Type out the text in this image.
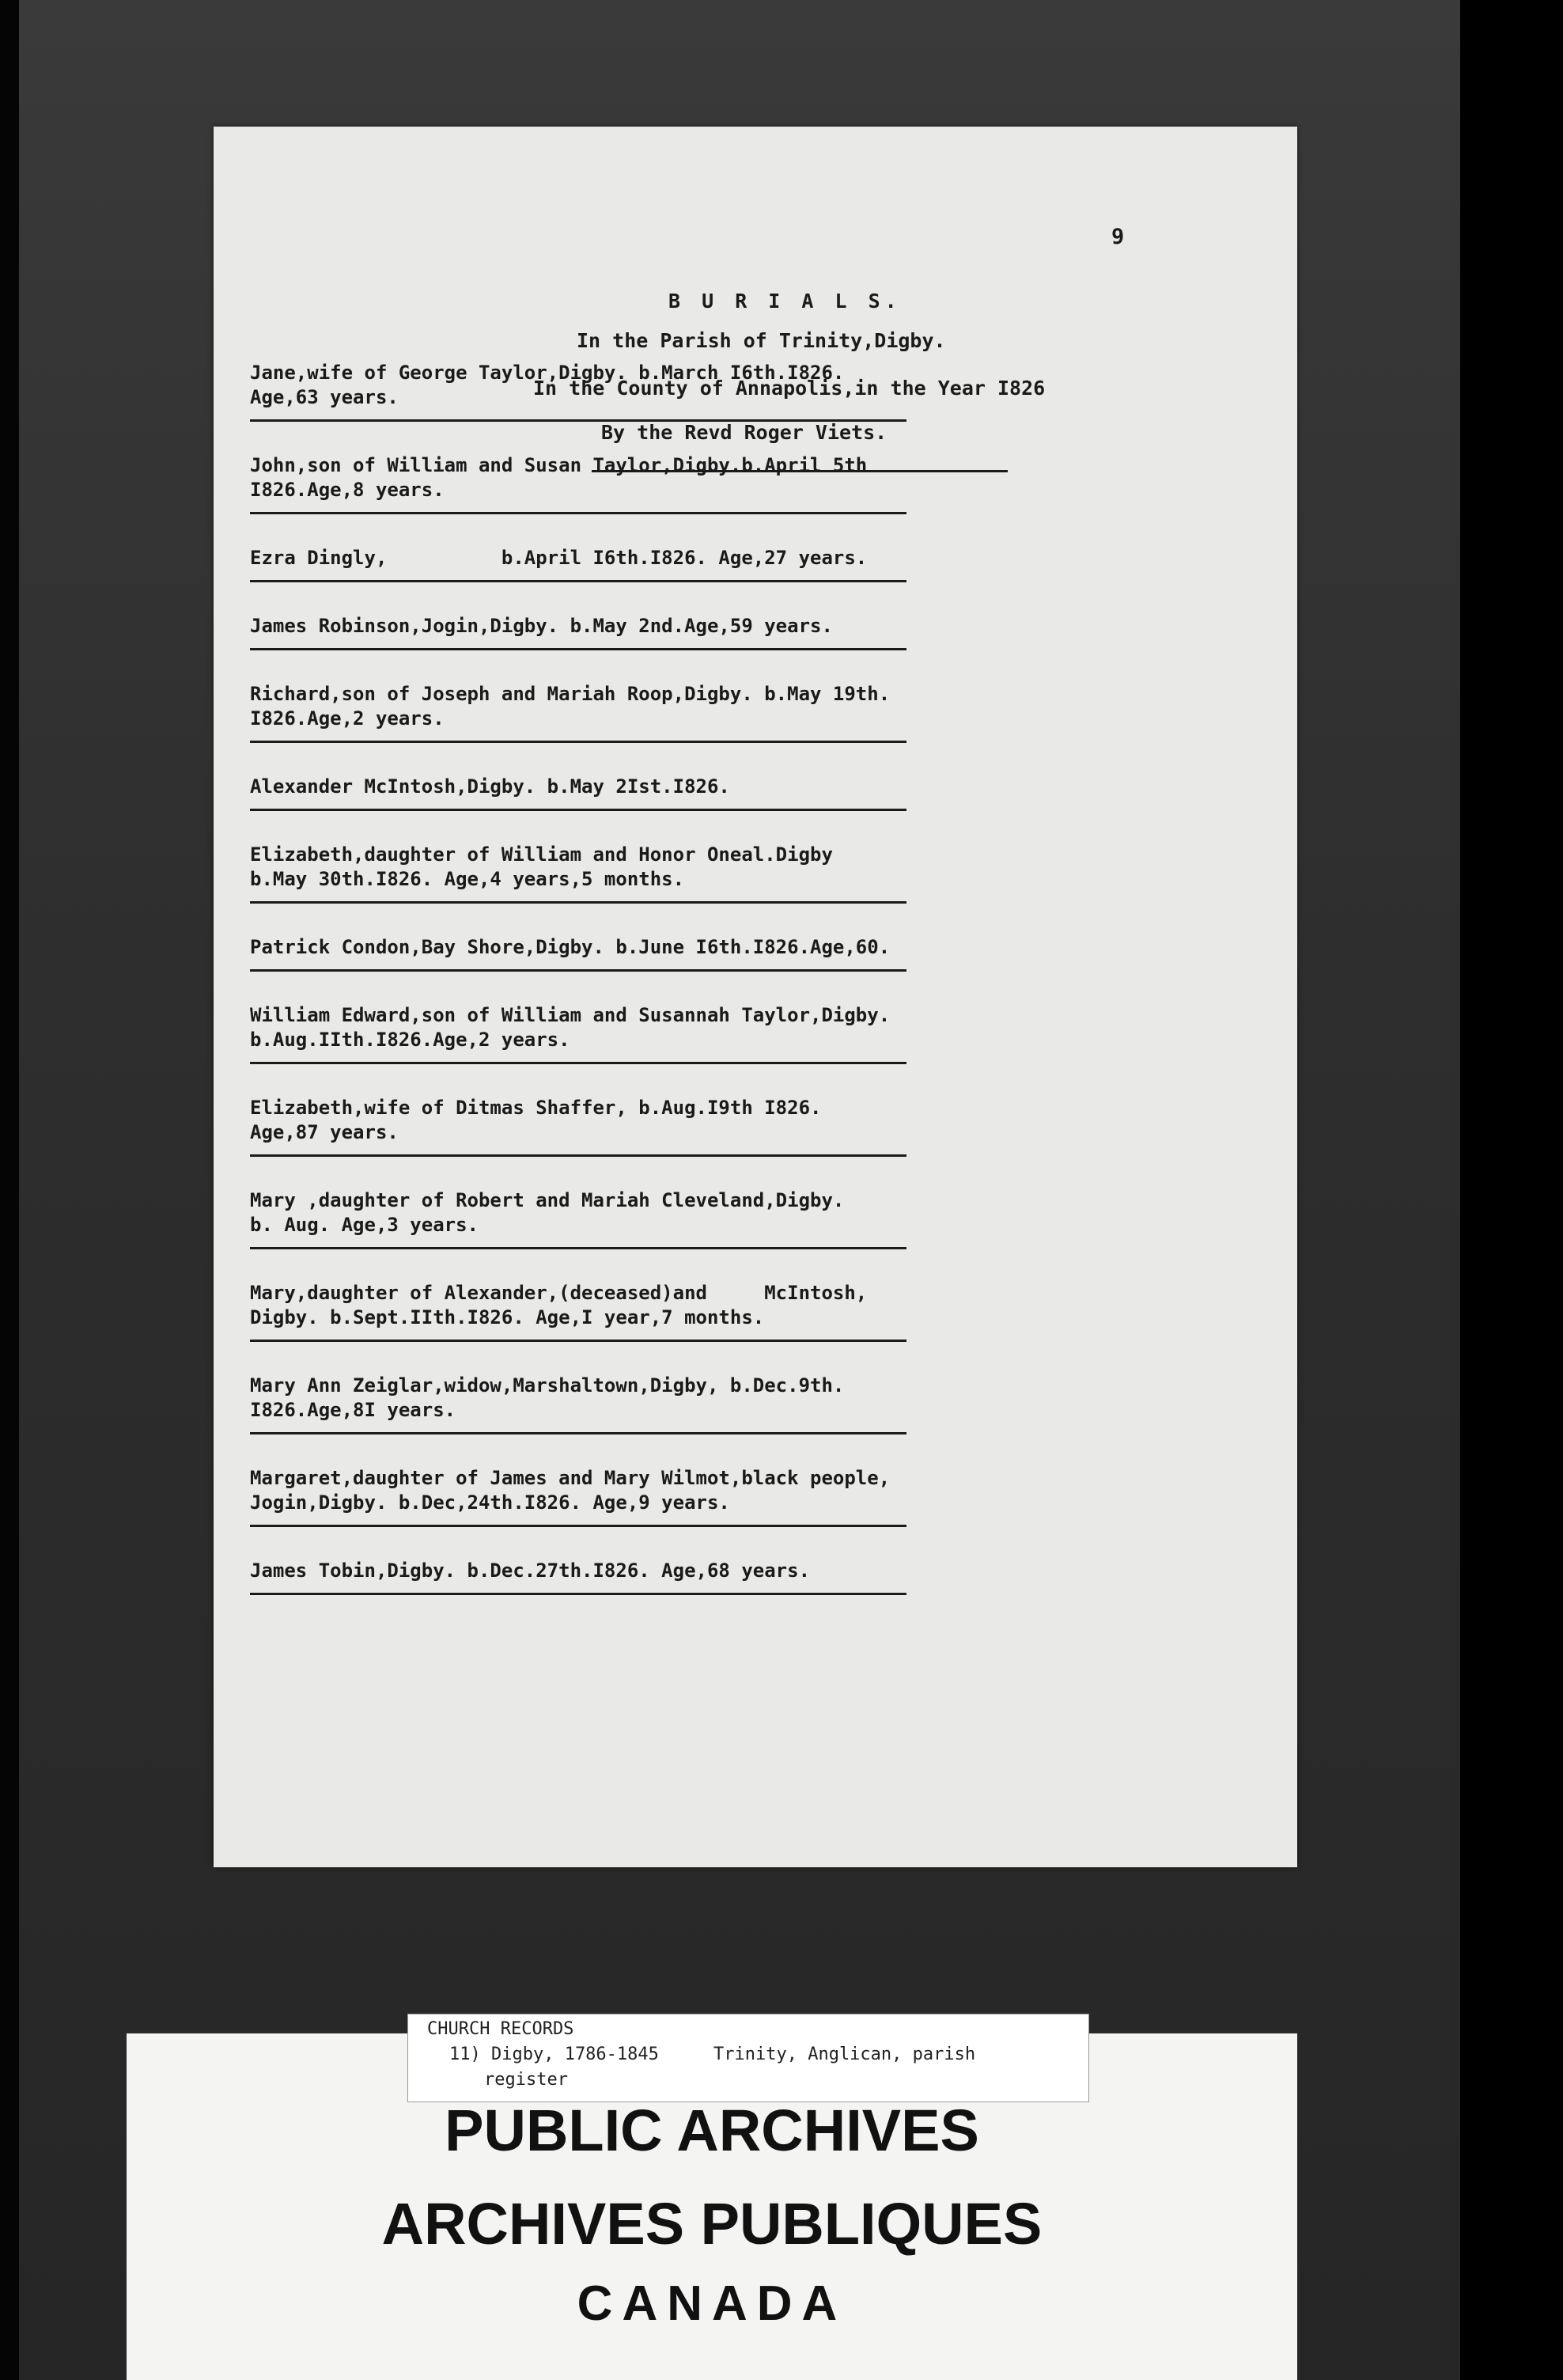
9
B U R I A L S.
In the Parish of Trinity,Digby.
In the County of Annapolis,in the Year I826
By the Revd Roger Viets.
Jane,wife of George Taylor,Digby. b.March I6th.I826.
Age,63 years.
John,son of William and Susan Taylor,Digby.b.April 5th
I826.Age,8 years.
Ezra Dingly,          b.April I6th.I826. Age,27 years.
James Robinson,Jogin,Digby. b.May 2nd.Age,59 years.
Richard,son of Joseph and Mariah Roop,Digby. b.May 19th.
I826.Age,2 years.
Alexander McIntosh,Digby. b.May 2Ist.I826.
Elizabeth,daughter of William and Honor Oneal.Digby
b.May 30th.I826. Age,4 years,5 months.
Patrick Condon,Bay Shore,Digby. b.June I6th.I826.Age,60.
William Edward,son of William and Susannah Taylor,Digby.
b.Aug.IIth.I826.Age,2 years.
Elizabeth,wife of Ditmas Shaffer, b.Aug.I9th I826.
Age,87 years.
Mary ,daughter of Robert and Mariah Cleveland,Digby.
b. Aug. Age,3 years.
Mary,daughter of Alexander,(deceased)and     McIntosh,
Digby. b.Sept.IIth.I826. Age,I year,7 months.
Mary Ann Zeiglar,widow,Marshaltown,Digby, b.Dec.9th.
I826.Age,8I years.
Margaret,daughter of James and Mary Wilmot,black people,
Jogin,Digby. b.Dec,24th.I826. Age,9 years.
James Tobin,Digby. b.Dec.27th.I826. Age,68 years.

CHURCH RECORDS

11) Digby, 1786-1845

	Trinity, Anglican, parish

register

PUBLIC ARCHIVES
ARCHIVES PUBLIQUES
CANADA
